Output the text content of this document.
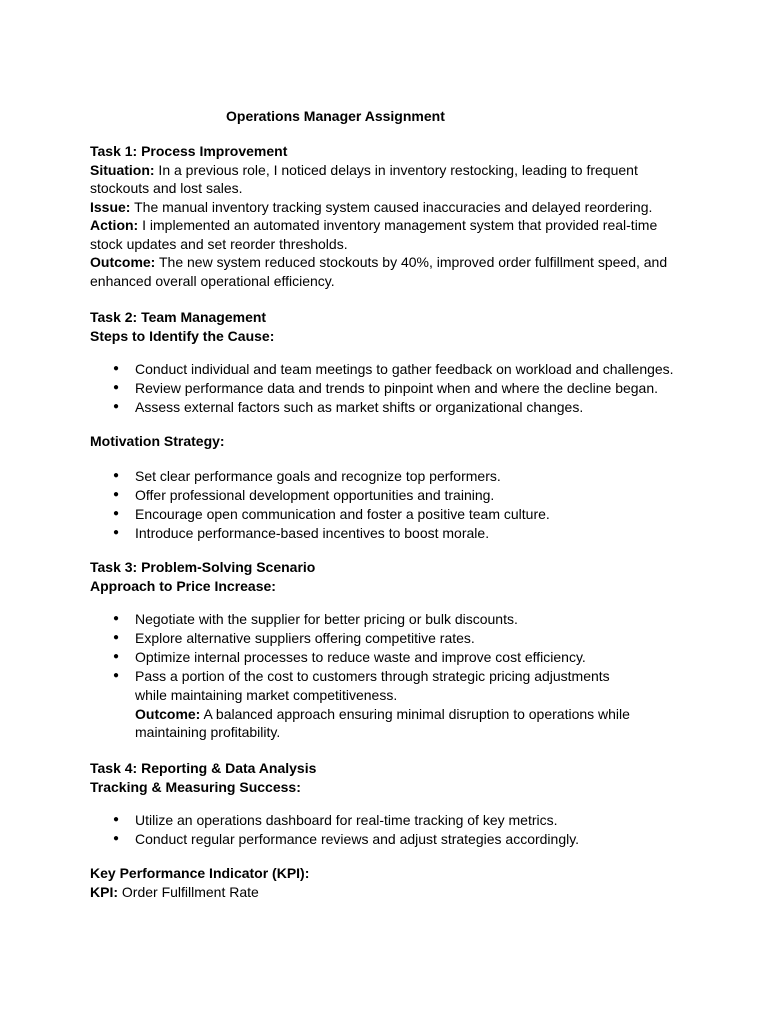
Operations Manager Assignment

Task 1: Process Improvement

Situation: In a previous role, I noticed delays in inventory restocking, leading to frequent stockouts and lost sales.

Issue: The manual inventory tracking system caused inaccuracies and delayed reordering.

Action: I implemented an automated inventory management system that provided real-time stock updates and set reorder thresholds.

Outcome: The new system reduced stockouts by 40%, improved order fulfillment speed, and enhanced overall operational efficiency.

Task 2: Team Management

Steps to Identify the Cause:

● Conduct individual and team meetings to gather feedback on workload and challenges.
● Review performance data and trends to pinpoint when and where the decline began.
● Assess external factors such as market shifts or organizational changes.

Motivation Strategy:

● Set clear performance goals and recognize top performers.
● Offer professional development opportunities and training.
● Encourage open communication and foster a positive team culture.
● Introduce performance-based incentives to boost morale.

Task 3: Problem-Solving Scenario

Approach to Price Increase:

● Negotiate with the supplier for better pricing or bulk discounts.
● Explore alternative suppliers offering competitive rates.
● Optimize internal processes to reduce waste and improve cost efficiency.
● Pass a portion of the cost to customers through strategic pricing adjustments while maintaining market competitiveness.

Outcome: A balanced approach ensuring minimal disruption to operations while maintaining profitability.

Task 4: Reporting & Data Analysis

Tracking & Measuring Success:

● Utilize an operations dashboard for real-time tracking of key metrics.
● Conduct regular performance reviews and adjust strategies accordingly.

Key Performance Indicator (KPI):

KPI: Order Fulfillment Rate
